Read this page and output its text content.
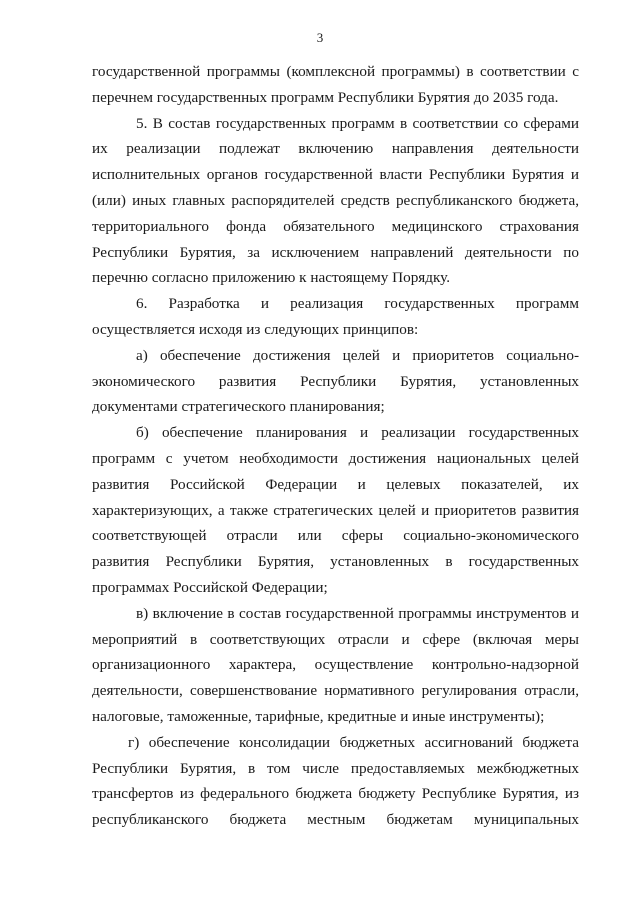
3

государственной программы (комплексной программы) в соответствии с

перечнем государственных программ Республики Бурятия до 2035 года.

5. В состав государственных программ в соответствии со сферами

их реализации подлежат включению направления деятельности

исполнительных органов государственной власти Республики Бурятия и

(или) иных главных распорядителей средств республиканского бюджета,

территориального фонда обязательного медицинского страхования

Республики Бурятия, за исключением направлений деятельности по

перечню согласно приложению к настоящему Порядку.

6. Разработка и реализация государственных программ

осуществляется исходя из следующих принципов:

а) обеспечение достижения целей и приоритетов социально-

экономического развития Республики Бурятия, установленных

документами стратегического планирования;

б) обеспечение планирования и реализации государственных

программ с учетом необходимости достижения национальных целей

развития Российской Федерации и целевых показателей, их

характеризующих, а также стратегических целей и приоритетов развития

соответствующей отрасли или сферы социально-экономического

развития Республики Бурятия, установленных в государственных

программах Российской Федерации;

в) включение в состав государственной программы инструментов и

мероприятий в соответствующих отрасли и сфере (включая меры

организационного характера, осуществление контрольно-надзорной

деятельности, совершенствование нормативного регулирования отрасли,

налоговые, таможенные, тарифные, кредитные и иные инструменты);

г) обеспечение консолидации бюджетных ассигнований бюджета

Республики Бурятия, в том числе предоставляемых межбюджетных

трансфертов из федерального бюджета бюджету Республике Бурятия, из

республиканского бюджета местным бюджетам муниципальных
